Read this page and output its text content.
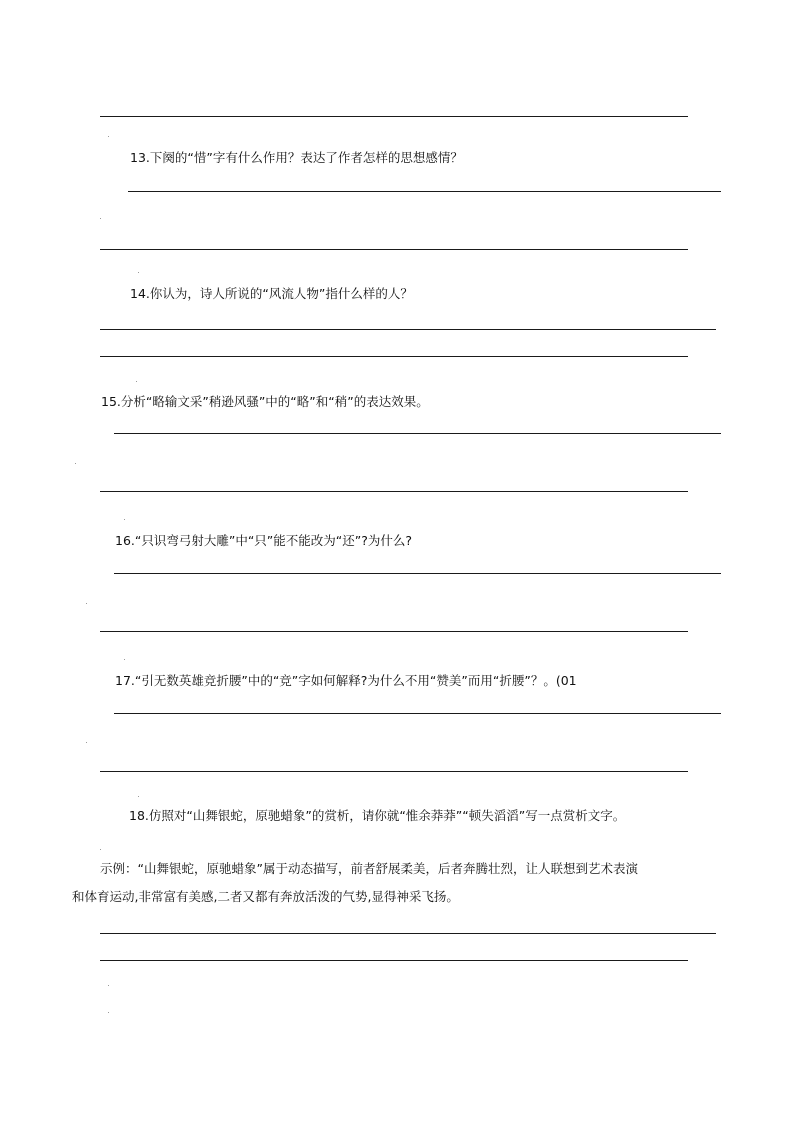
13.下阕的“惜”字有什么作用？表达了作者怎样的思想感情？
14.你认为，诗人所说的“风流人物”指什么样的人？
15.分析“略输文采”稍逊风骚”中的“略”和“稍”的表达效果。
16.“只识弯弓射大雕”中“只”能不能改为“还”?为什么?
17.“引无数英雄竞折腰”中的“竞”字如何解释?为什么不用“赞美”而用“折腰”？。(01
18.仿照对“山舞银蛇，原驰蜡象”的赏析，请你就“惟余莽莽”“顿失滔滔”写一点赏析文字。
示例：“山舞银蛇，原驰蜡象”属于动态描写，前者舒展柔美，后者奔腾壮烈，让人联想到艺术表演
和体育运动,非常富有美感,二者又都有奔放活泼的气势,显得神采飞扬。
